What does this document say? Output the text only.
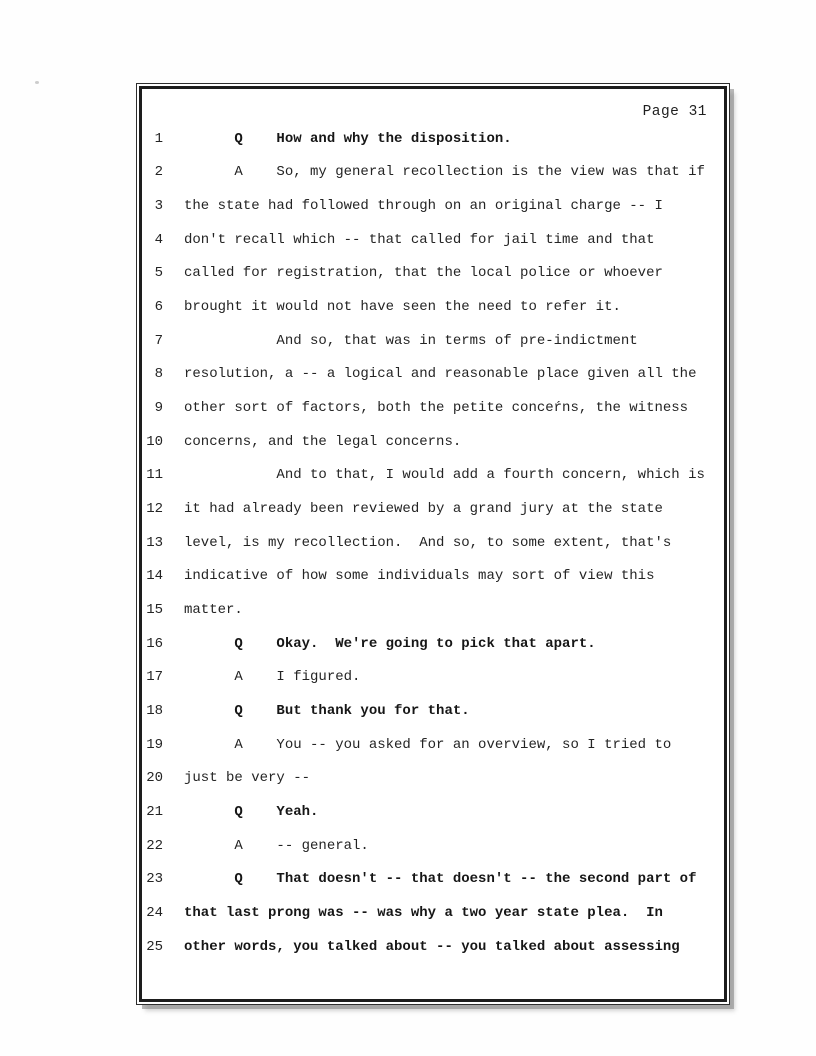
Page 31
1 Q    How and why the disposition.
2 A    So, my general recollection is the view was that if
3 the state had followed through on an original charge -- I
4 don't recall which -- that called for jail time and that
5 called for registration, that the local police or whoever
6 brought it would not have seen the need to refer it.
7 And so, that was in terms of pre-indictment
8 resolution, a -- a logical and reasonable place given all the
9 other sort of factors, both the petite conceŕns, the witness
10 concerns, and the legal concerns.
11 And to that, I would add a fourth concern, which is
12 it had already been reviewed by a grand jury at the state
13 level, is my recollection.  And so, to some extent, that's
14 indicative of how some individuals may sort of view this
15 matter.
16 Q    Okay.  We're going to pick that apart.
17 A    I figured.
18 Q    But thank you for that.
19 A    You -- you asked for an overview, so I tried to
20 just be very --
21 Q    Yeah.
22 A    -- general.
23 Q    That doesn't -- that doesn't -- the second part of
24 that last prong was -- was why a two year state plea.  In
25 other words, you talked about -- you talked about assessing
